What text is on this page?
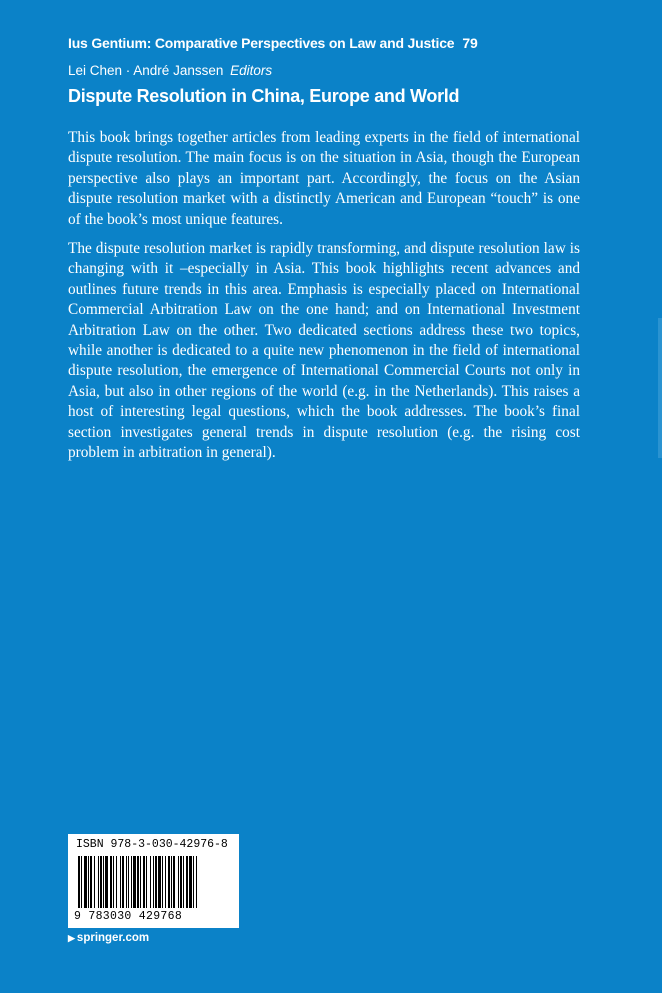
Ius Gentium: Comparative Perspectives on Law and Justice 79
Lei Chen · André Janssen Editors
Dispute Resolution in China, Europe and World

This book brings together articles from leading experts in the field of international dispute resolution. The main focus is on the situation in Asia, though the European perspective also plays an important part. Accordingly, the focus on the Asian dispute resolution market with a distinctly American and European “touch” is one of the book’s most unique features.

The dispute resolution market is rapidly transforming, and dispute resolution law is changing with it –especially in Asia. This book highlights recent advances and outlines future trends in this area. Emphasis is especially placed on International Commercial Arbitration Law on the one hand; and on International Investment Arbitration Law on the other. Two dedicated sections address these two topics, while another is dedicated to a quite new phenomenon in the field of international dispute resolution, the emergence of International Commercial Courts not only in Asia, but also in other regions of the world (e.g. in the Netherlands). This raises a host of interesting legal questions, which the book addresses. The book’s final section investigates general trends in dispute resolution (e.g. the rising cost problem in arbitration in general).

ISBN 978-3-030-42976-8
9 783030 429768
▶ springer.com
